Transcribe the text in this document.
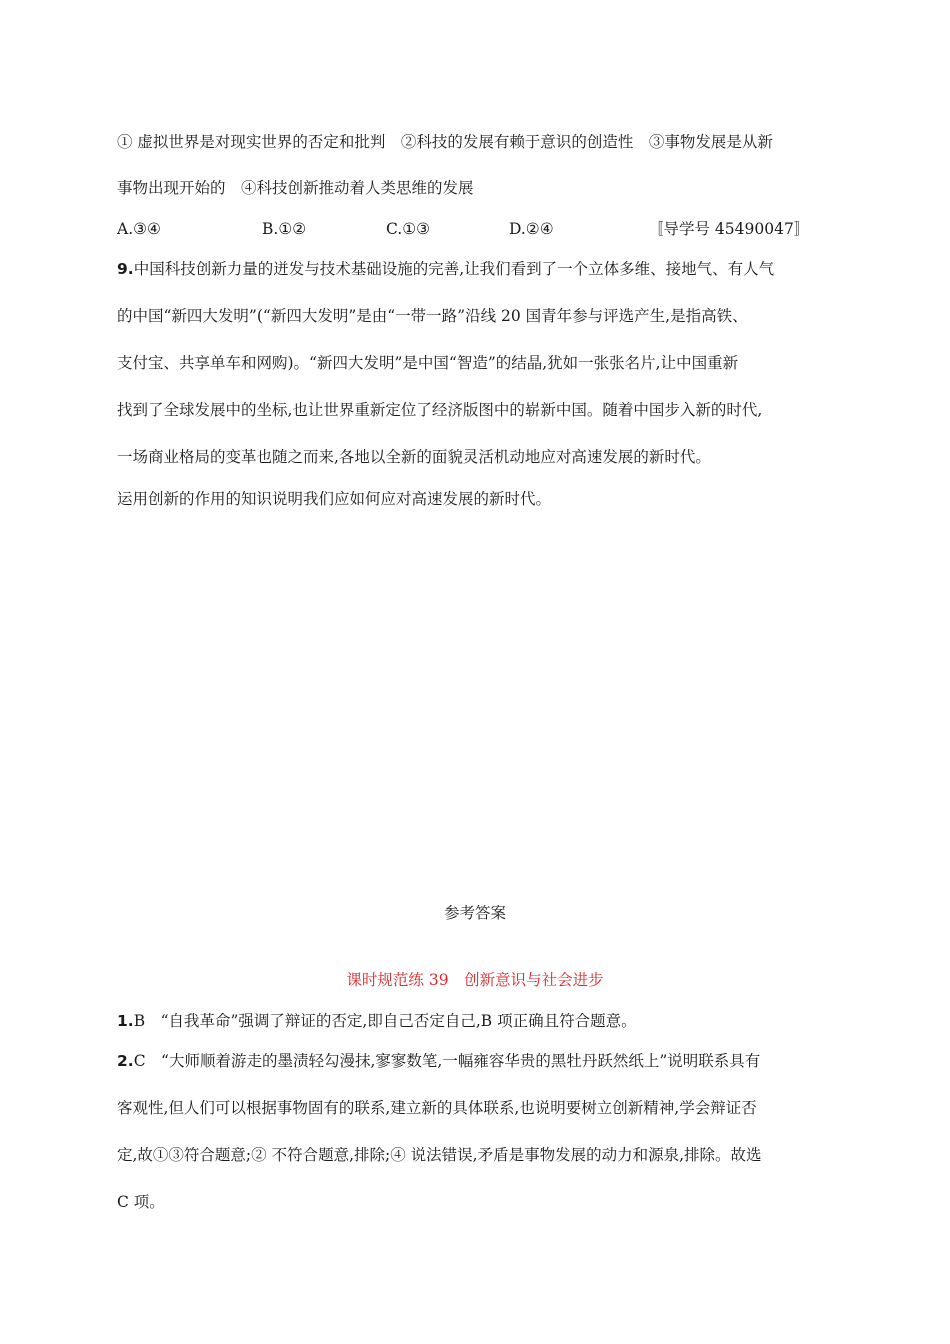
① 虚拟世界是对现实世界的否定和批判　②科技的发展有赖于意识的创造性　③事物发展是从新
事物出现开始的　④科技创新推动着人类思维的发展
A.③④	B.①②	C.①③	D.②④	〚导学号 45490047〛
9.中国科技创新力量的迸发与技术基础设施的完善,让我们看到了一个立体多维、接地气、有人气
的中国“新四大发明”(“新四大发明”是由“一带一路”沿线 20 国青年参与评选产生,是指高铁、
支付宝、共享单车和网购)。“新四大发明”是中国“智造”的结晶,犹如一张张名片,让中国重新
找到了全球发展中的坐标,也让世界重新定位了经济版图中的崭新中国。随着中国步入新的时代,
一场商业格局的变革也随之而来,各地以全新的面貌灵活机动地应对高速发展的新时代。
运用创新的作用的知识说明我们应如何应对高速发展的新时代。
参考答案
课时规范练 39　创新意识与社会进步
1.B　“自我革命”强调了辩证的否定,即自己否定自己,B 项正确且符合题意。
2.C　“大师顺着游走的墨渍轻勾漫抹,寥寥数笔,一幅雍容华贵的黑牡丹跃然纸上”说明联系具有
客观性,但人们可以根据事物固有的联系,建立新的具体联系,也说明要树立创新精神,学会辩证否
定,故①③符合题意;② 不符合题意,排除;④ 说法错误,矛盾是事物发展的动力和源泉,排除。故选
C 项。
